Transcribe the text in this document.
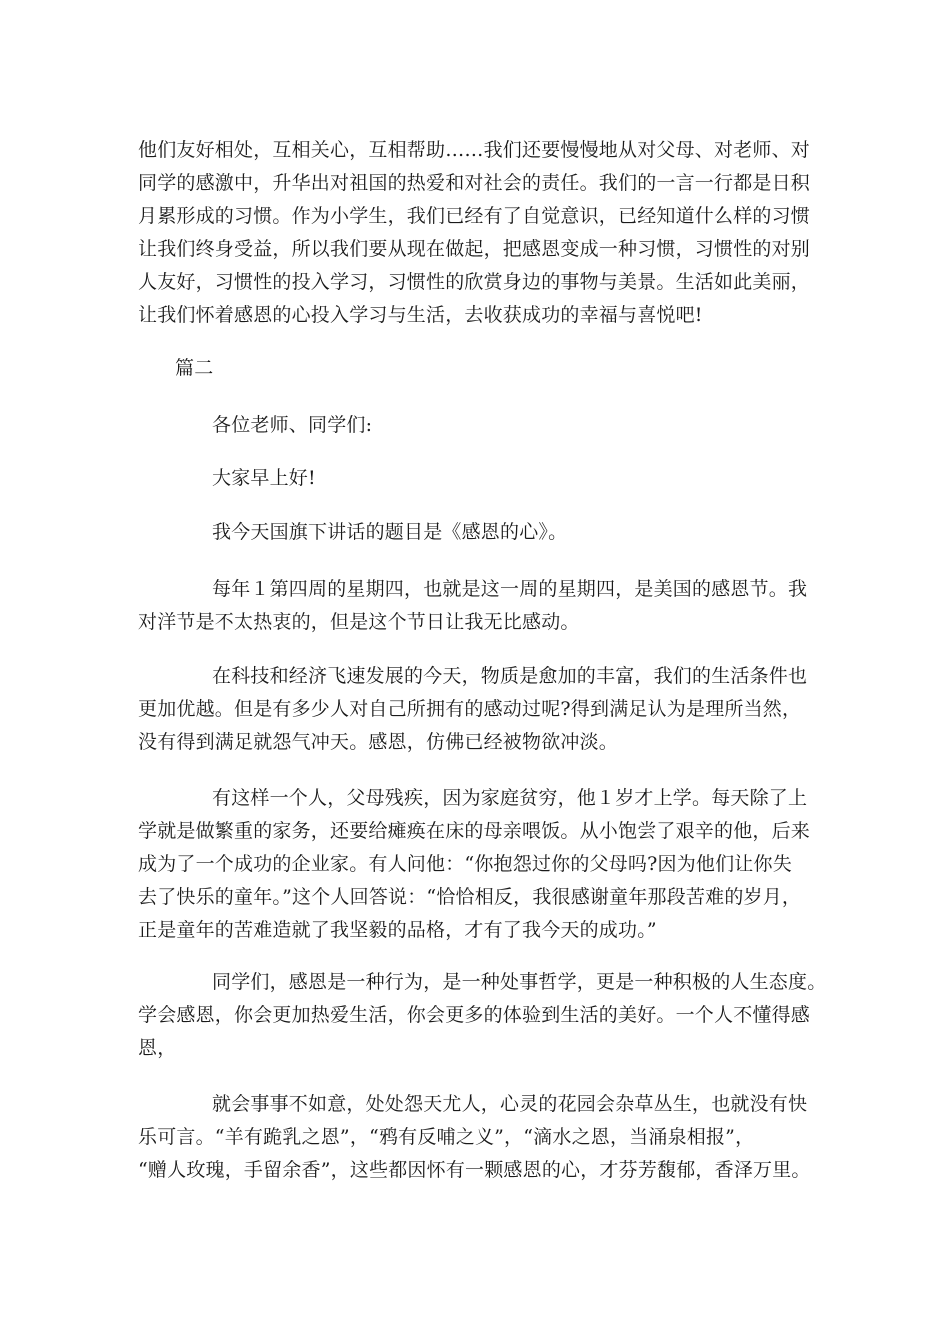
他们友好相处，互相关心，互相帮助……我们还要慢慢地从对父母、对老师、对
同学的感激中，升华出对祖国的热爱和对社会的责任。我们的一言一行都是日积
月累形成的习惯。作为小学生，我们已经有了自觉意识，已经知道什么样的习惯
让我们终身受益，所以我们要从现在做起，把感恩变成一种习惯，习惯性的对别
人友好，习惯性的投入学习，习惯性的欣赏身边的事物与美景。生活如此美丽，
让我们怀着感恩的心投入学习与生活，去收获成功的幸福与喜悦吧!
篇二
各位老师、同学们:
大家早上好!
我今天国旗下讲话的题目是《感恩的心》。
每年１第四周的星期四，也就是这一周的星期四，是美国的感恩节。我
对洋节是不太热衷的，但是这个节日让我无比感动。
在科技和经济飞速发展的今天，物质是愈加的丰富，我们的生活条件也
更加优越。但是有多少人对自己所拥有的感动过呢?得到满足认为是理所当然，
没有得到满足就怨气冲天。感恩，仿佛已经被物欲冲淡。
有这样一个人，父母残疾，因为家庭贫穷，他１岁才上学。每天除了上
学就是做繁重的家务，还要给瘫痪在床的母亲喂饭。从小饱尝了艰辛的他，后来
成为了一个成功的企业家。有人问他：“你抱怨过你的父母吗?因为他们让你失
去了快乐的童年。”这个人回答说：“恰恰相反，我很感谢童年那段苦难的岁月，
正是童年的苦难造就了我坚毅的品格，才有了我今天的成功。”
同学们，感恩是一种行为，是一种处事哲学，更是一种积极的人生态度。
学会感恩，你会更加热爱生活，你会更多的体验到生活的美好。一个人不懂得感
恩，
就会事事不如意，处处怨天尤人，心灵的花园会杂草丛生，也就没有快
乐可言。“羊有跪乳之恩”，“鸦有反哺之义”，“滴水之恩，当涌泉相报”，
“赠人玫瑰，手留余香”，这些都因怀有一颗感恩的心，才芬芳馥郁，香泽万里。
